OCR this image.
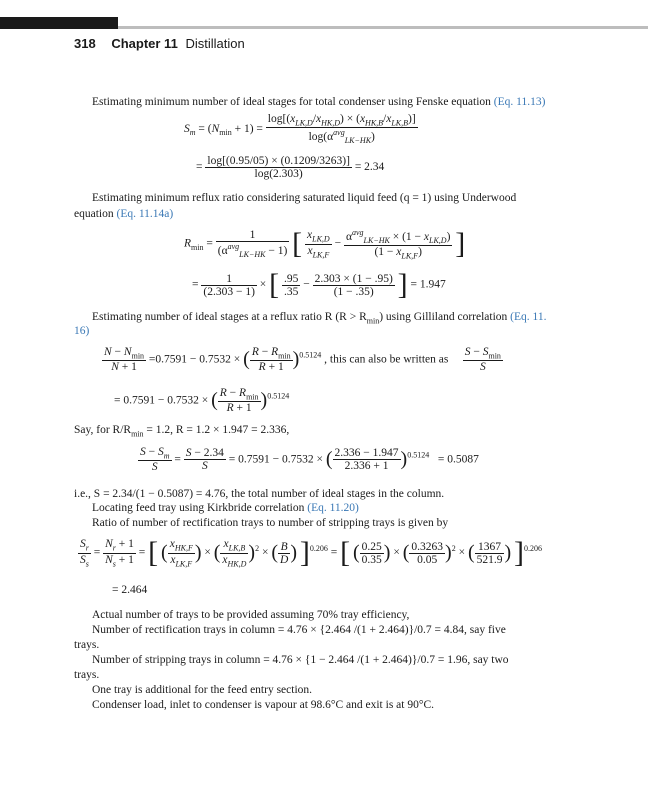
318 Chapter 11 Distillation
Estimating minimum number of ideal stages for total condenser using Fenske equation (Eq. 11.13)
$S_m = (N_{min} + 1) = \frac{\log[(x_{LK,D}/x_{HK,D}) \times (x_{HK,B}/x_{LK,B})]}{\log(\alpha^{avg}_{LK-HK})}$
= $\frac{\log[(0.95/05) \times (0.1209/3263)]}{\log(2.303)} = 2.34$
Estimating minimum reflux ratio considering saturated liquid feed (q = 1) using Underwood
equation (Eq. 11.14a)
$R_{min} = \frac{1}{(\alpha^{avg}_{LK-HK} - 1)}$ [ $\frac{x_{LK,D}}{x_{LK,F}} - \frac{\alpha^{avg}_{LK-HK} \times (1 - x_{LK,D})}{(1 - x_{LK,F})}$ ]
= $\frac{1}{(2.303 - 1)}$ × [ $\frac{.95}{.35} - \frac{2.303 \times (1 - .95)}{(1 - .35)}$ ] = 1.947
Estimating number of ideal stages at a reflux ratio R $(R > R_{min})$ using Gilliland correlation (Eq. 11.
16)
$\frac{N - N_{min}}{N + 1} =0.7591 - 0.7532$ × ( $\frac{R - R_{min}}{R + 1} )^{0.5124}$ , this can also be written as $\frac{S - S_{min}}{S}$
= 0.7591 − 0.7532 × ( $\frac{R - R_{min}}{R + 1} )^{0.5124}$
Say, for $R/R_{min} = 1.2$, R = 1.2 × 1.947 = 2.336,
$\frac{S - S_m}{S} = \frac{S - 2.34}{S} = 0.7591 - 0.7532$ × ( $\frac{2.336 - 1.947}{2.336 + 1} )^{0.5124} = 0.5087$
i.e., S = 2.34/(1 − 0.5087) = 4.76, the total number of ideal stages in the column.
Locating feed tray using Kirkbride correlation (Eq. 11.20)
Ratio of number of rectification trays to number of stripping trays is given by
$\frac{S_r}{S_s} = \frac{N_r + 1}{N_s + 1}$ = [ ( $\frac{x_{HK,F}}{x_{LK,F}}$ ) × ( $\frac{x_{LK,B}}{x_{HK,D}} )^2$ × ( $\frac{B}{D}$ ) ]$^{0.206}$ = [ ( $\frac{0.25}{0.35}$ ) × ( $\frac{0.3263}{0.05} )^2$ × ( $\frac{1367}{521.9}$ ) ]$^{0.206}$
= 2.464
Actual number of trays to be provided assuming 70% tray efficiency,
Number of rectification trays in column = 4.76 × {2.464 /(1 + 2.464)}/0.7 = 4.84, say five
trays.
Number of stripping trays in column = 4.76 × {1 − 2.464 /(1 + 2.464)}/0.7 = 1.96, say two
trays.
One tray is additional for the feed entry section.
Condenser load, inlet to condenser is vapour at 98.6°C and exit is at 90°C.
